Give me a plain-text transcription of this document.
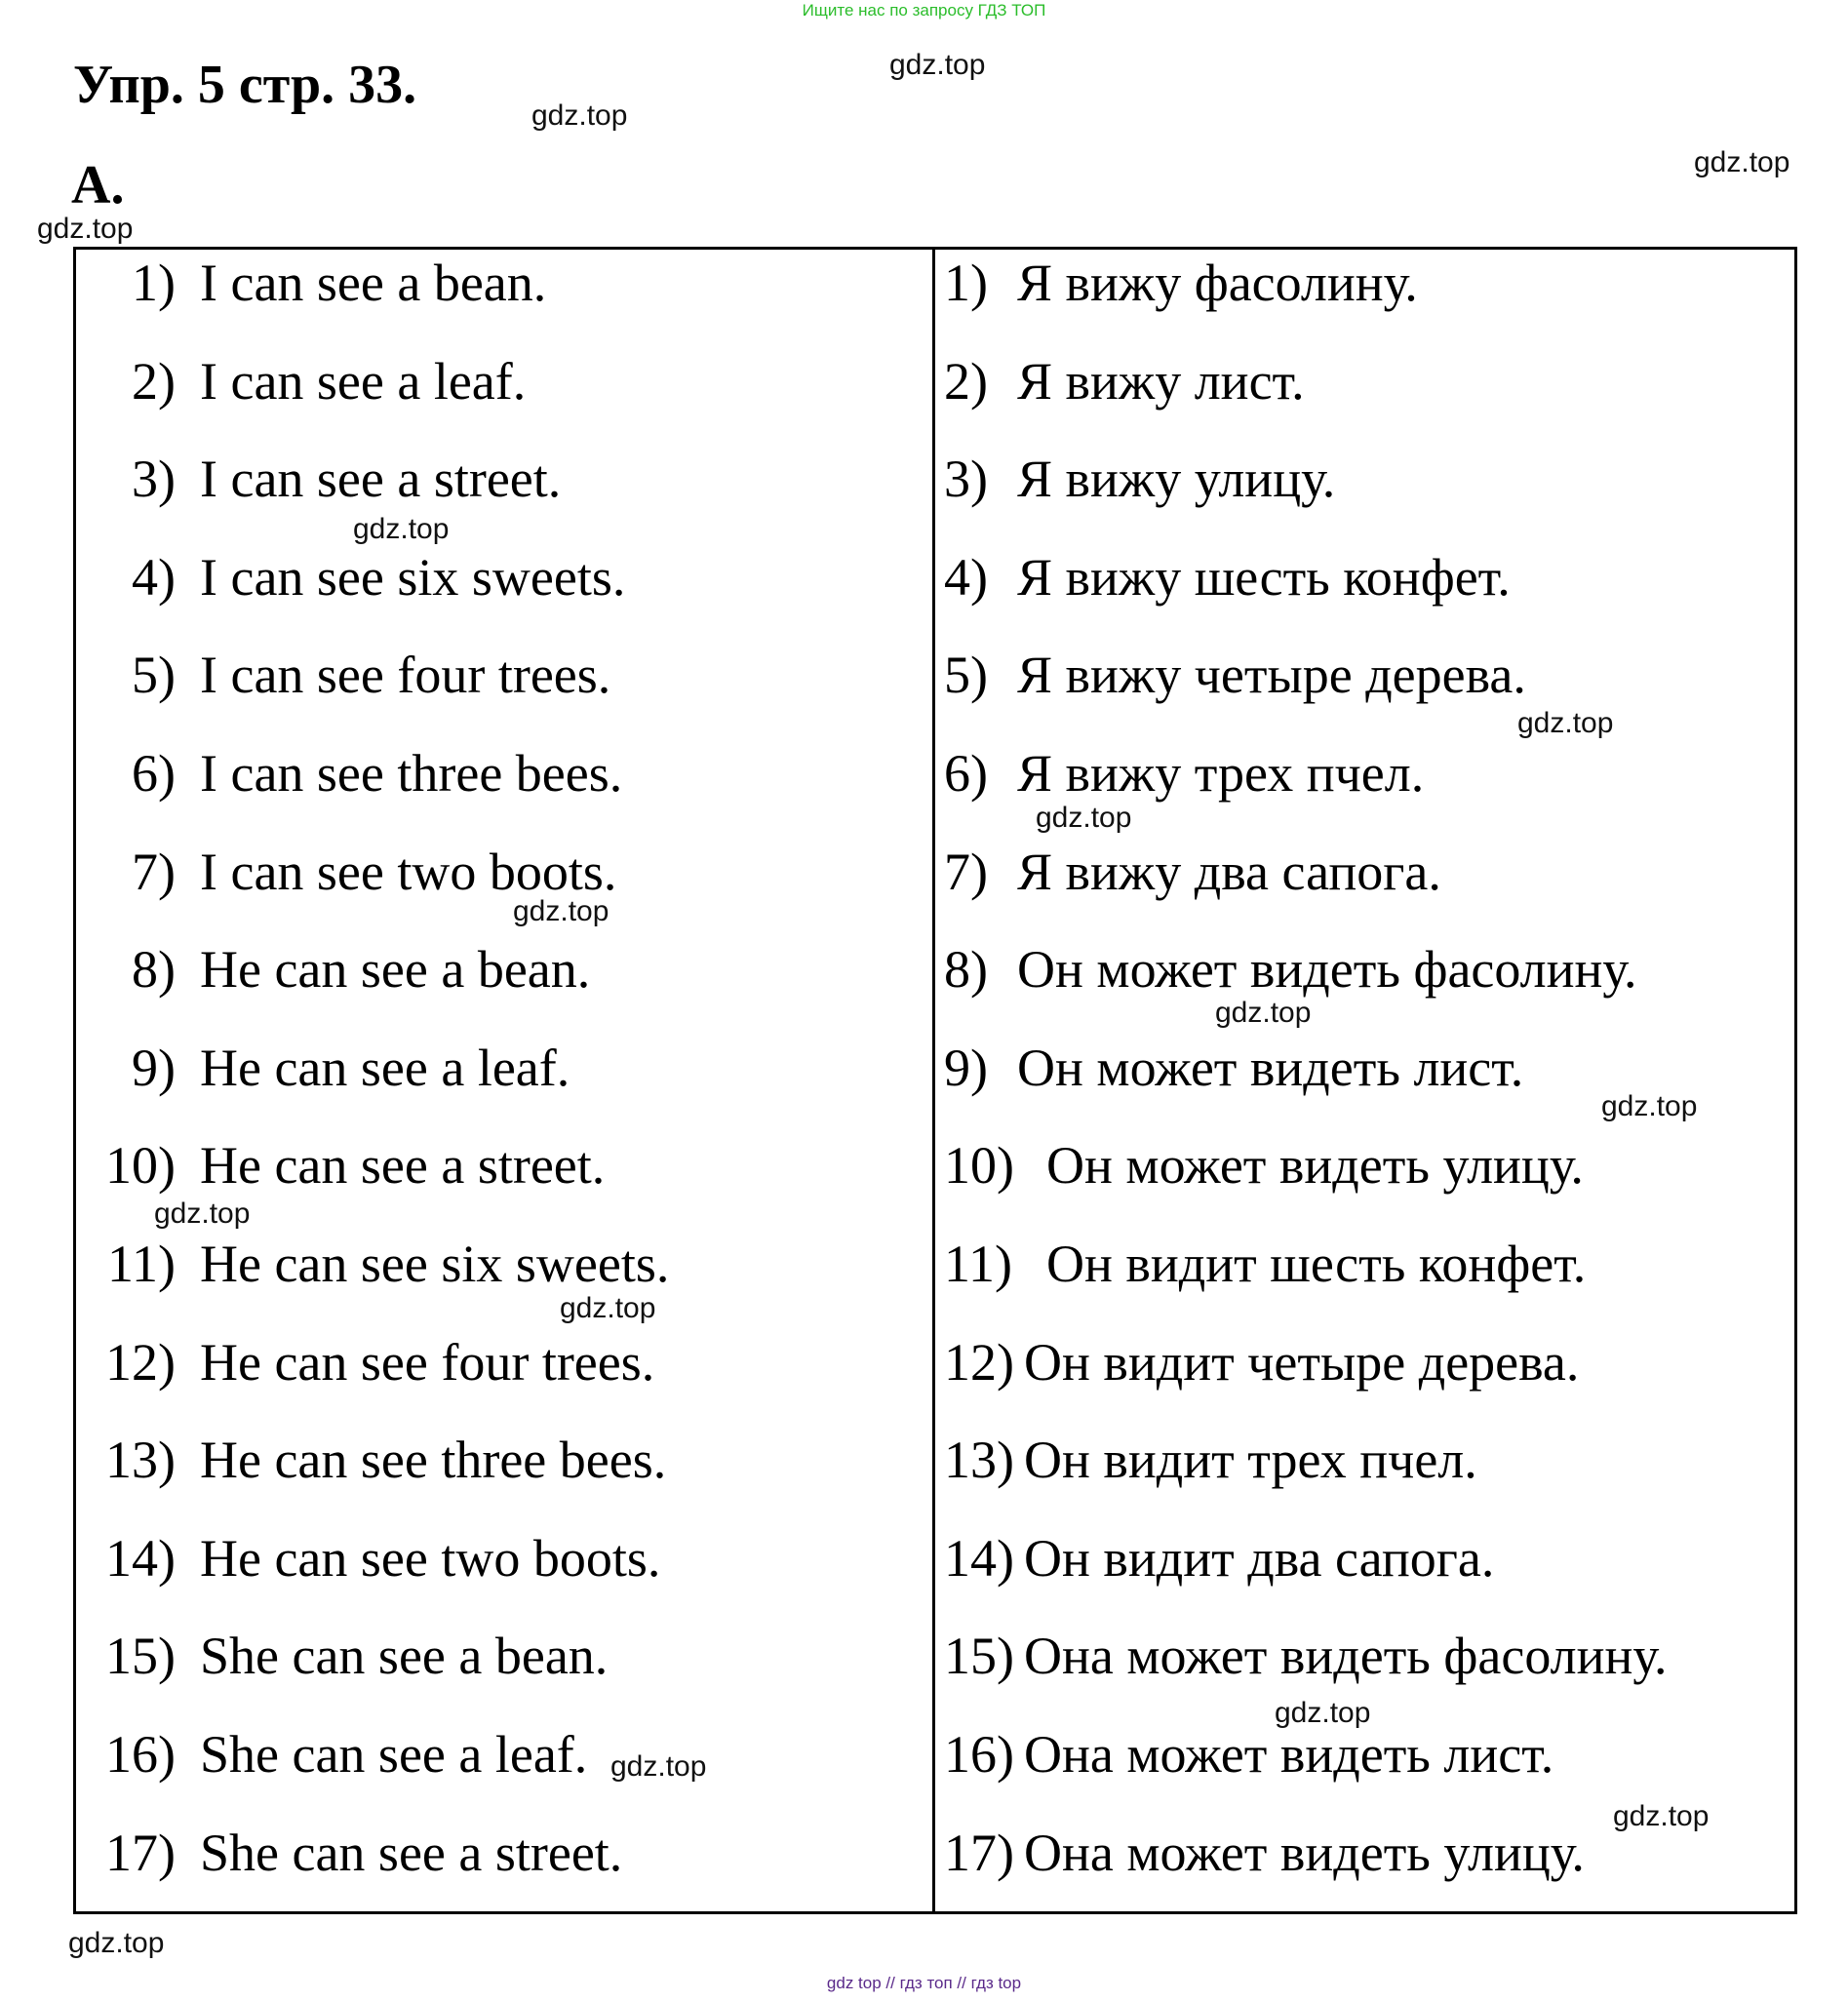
Ищите нас по запросу ГДЗ ТОП
Упр. 5 стр. 33.
A.
gdz.top
gdz.top
gdz.top
gdz.top
gdz.top
gdz.top
gdz.top
gdz.top
gdz.top
gdz.top
gdz.top
gdz.top
gdz.top
gdz.top
gdz.top
gdz.top
1) I can see a bean.
2) I can see a leaf.
3) I can see a street.
4) I can see six sweets.
5) I can see four trees.
6) I can see three bees.
7) I can see two boots.
8) He can see a bean.
9) He can see a leaf.
10) He can see a street.
11) He can see six sweets.
12) He can see four trees.
13) He can see three bees.
14) He can see two boots.
15) She can see a bean.
16) She can see a leaf.
17) She can see a street.
1) Я вижу фасолину.
2) Я вижу лист.
3) Я вижу улицу.
4) Я вижу шесть конфет.
5) Я вижу четыре дерева.
6) Я вижу трех пчел.
7) Я вижу два сапога.
8) Он может видеть фасолину.
9) Он может видеть лист.
10) Он может видеть улицу.
11) Он видит шесть конфет.
12) Он видит четыре дерева.
13) Он видит трех пчел.
14) Он видит два сапога.
15) Она может видеть фасолину.
16) Она может видеть лист.
17) Она может видеть улицу.
gdz top // гдз топ // гдз top
